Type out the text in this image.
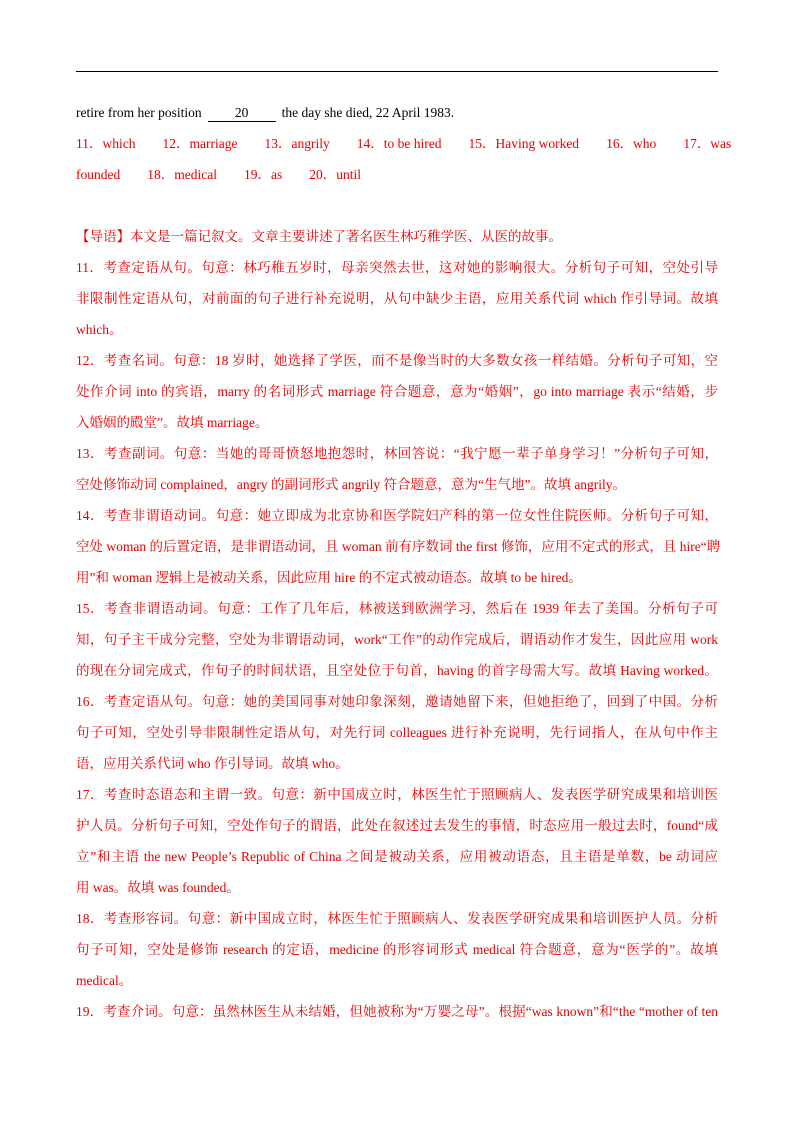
retire from her position 20 the day she died, 22 April 1983.
11．which 12．marriage 13．angrily 14．to be hired 15．Having worked 16．who 17．was
founded 18．medical 19．as 20．until
【导语】本文是一篇记叙文。文章主要讲述了著名医生林巧稚学医、从医的故事。
11．考查定语从句。句意：林巧稚五岁时，母亲突然去世，这对她的影响很大。分析句子可知，空处引导
非限制性定语从句，对前面的句子进行补充说明，从句中缺少主语，应用关系代词 which 作引导词。故填
which。
12．考查名词。句意：18 岁时，她选择了学医，而不是像当时的大多数女孩一样结婚。分析句子可知，空
处作介词 into 的宾语，marry 的名词形式 marriage 符合题意，意为“婚姻”，go into marriage 表示“结婚，步
入婚姻的殿堂”。故填 marriage。
13．考查副词。句意：当她的哥哥愤怒地抱怨时，林回答说：“我宁愿一辈子单身学习！”分析句子可知，
空处修饰动词 complained，angry 的副词形式 angrily 符合题意，意为“生气地”。故填 angrily。
14．考查非谓语动词。句意：她立即成为北京协和医学院妇产科的第一位女性住院医师。分析句子可知，
空处 woman 的后置定语，是非谓语动词，且 woman 前有序数词 the first 修饰，应用不定式的形式，且 hire“聘
用”和 woman 逻辑上是被动关系，因此应用 hire 的不定式被动语态。故填 to be hired。
15．考查非谓语动词。句意：工作了几年后，林被送到欧洲学习，然后在 1939 年去了美国。分析句子可
知，句子主干成分完整，空处为非谓语动词，work“工作”的动作完成后，谓语动作才发生，因此应用 work
的现在分词完成式，作句子的时间状语，且空处位于句首，having 的首字母需大写。故填 Having worked。
16．考查定语从句。句意：她的美国同事对她印象深刻，邀请她留下来，但她拒绝了，回到了中国。分析
句子可知，空处引导非限制性定语从句，对先行词 colleagues 进行补充说明，先行词指人，在从句中作主
语，应用关系代词 who 作引导词。故填 who。
17．考查时态语态和主谓一致。句意：新中国成立时，林医生忙于照顾病人、发表医学研究成果和培训医
护人员。分析句子可知，空处作句子的谓语，此处在叙述过去发生的事情，时态应用一般过去时，found“成
立”和主语 the new People’s Republic of China 之间是被动关系，应用被动语态，且主语是单数，be 动词应
用 was。故填 was founded。
18．考查形容词。句意：新中国成立时，林医生忙于照顾病人、发表医学研究成果和培训医护人员。分析
句子可知，空处是修饰 research 的定语，medicine 的形容词形式 medical 符合题意，意为“医学的”。故填
medical。
19．考查介词。句意：虽然林医生从未结婚，但她被称为“万婴之母”。根据“was known”和“the “mother of ten
